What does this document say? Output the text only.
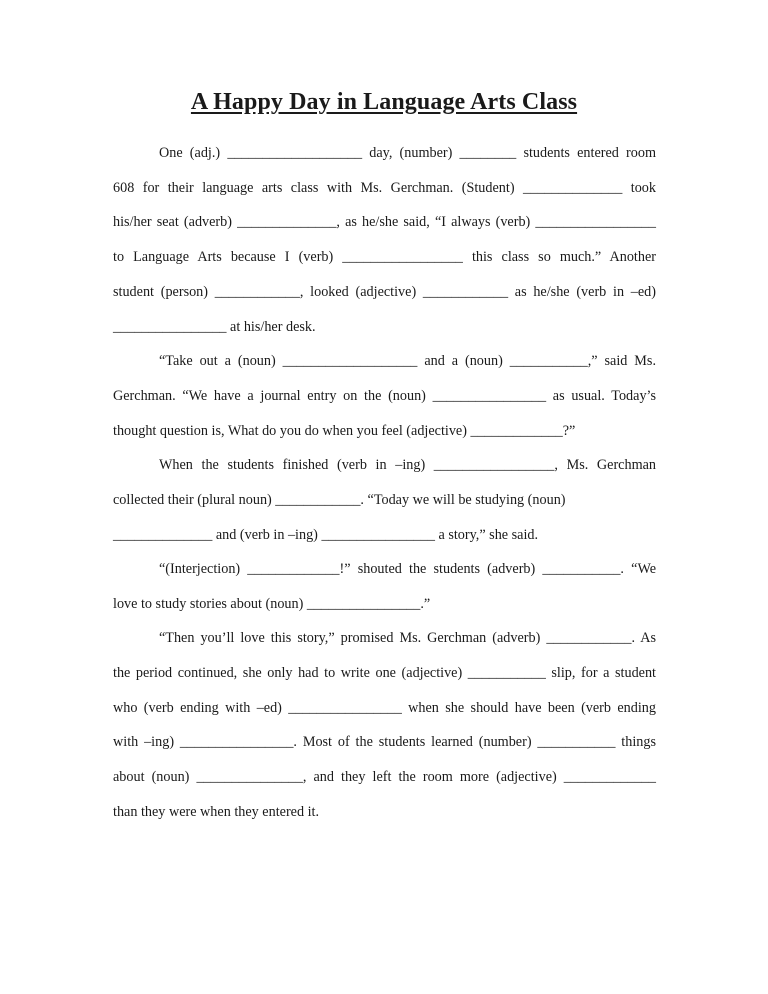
A Happy Day in Language Arts Class
One (adj.) ___________________ day, (number) ________ students entered room
608 for their language arts class with Ms. Gerchman. (Student) ______________ took
his/her seat (adverb) ______________, as he/she said, “I always (verb) _________________
to Language Arts because I (verb) _________________ this class so much.” Another
student (person) ____________, looked (adjective) ____________ as he/she (verb in –ed)
________________ at his/her desk.
“Take out a (noun) ___________________ and a (noun) ___________,” said Ms.
Gerchman. “We have a journal entry on the (noun) ________________ as usual. Today’s
thought question is, What do you do when you feel (adjective) _____________?”
When the students finished (verb in –ing) _________________, Ms. Gerchman
collected their (plural noun) ____________. “Today we will be studying (noun)
______________ and (verb in –ing) ________________ a story,” she said.
“(Interjection) _____________!” shouted the students (adverb) ___________. “We
love to study stories about (noun) ________________.”
“Then you’ll love this story,” promised Ms. Gerchman (adverb) ____________. As
the period continued, she only had to write one (adjective) ___________ slip, for a student
who (verb ending with –ed) ________________ when she should have been (verb ending
with –ing) ________________. Most of the students learned (number) ___________ things
about (noun) _______________, and they left the room more (adjective) _____________
than they were when they entered it.
